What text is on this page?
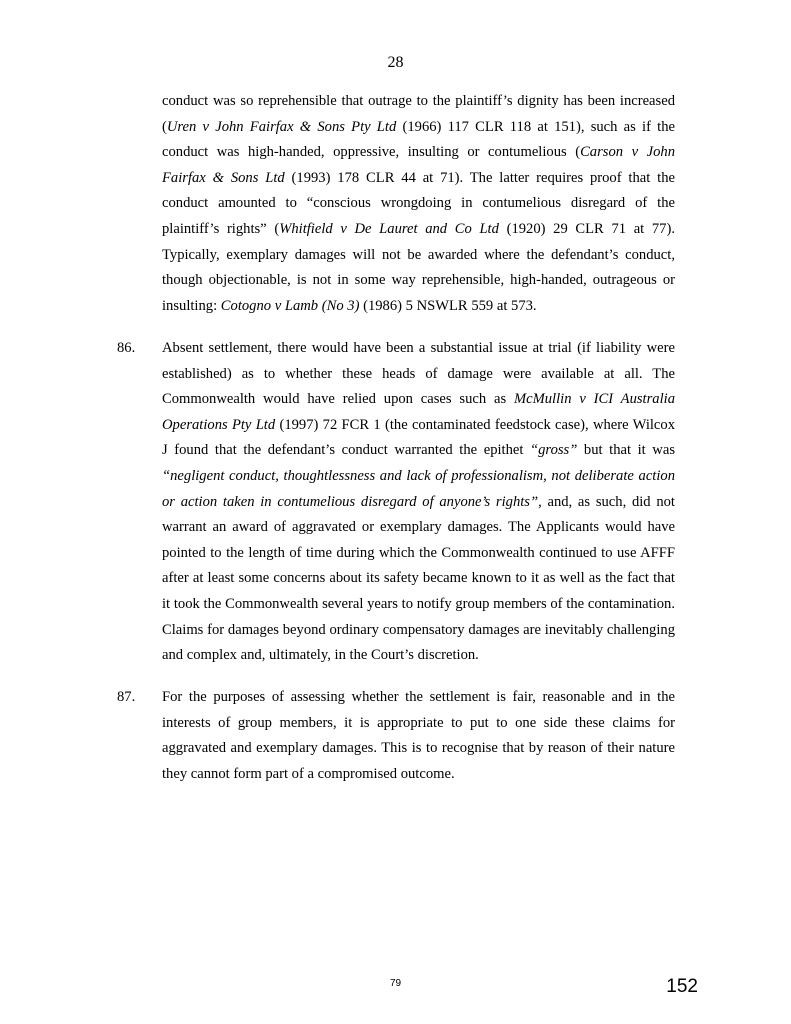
28

conduct was so reprehensible that outrage to the plaintiff’s dignity has been increased (Uren v John Fairfax & Sons Pty Ltd (1966) 117 CLR 118 at 151), such as if the conduct was high-handed, oppressive, insulting or contumelious (Carson v John Fairfax & Sons Ltd (1993) 178 CLR 44 at 71). The latter requires proof that the conduct amounted to “conscious wrongdoing in contumelious disregard of the plaintiff’s rights” (Whitfield v De Lauret and Co Ltd (1920) 29 CLR 71 at 77). Typically, exemplary damages will not be awarded where the defendant’s conduct, though objectionable, is not in some way reprehensible, high-handed, outrageous or insulting: Cotogno v Lamb (No 3) (1986) 5 NSWLR 559 at 573.

86. Absent settlement, there would have been a substantial issue at trial (if liability were established) as to whether these heads of damage were available at all. The Commonwealth would have relied upon cases such as McMullin v ICI Australia Operations Pty Ltd (1997) 72 FCR 1 (the contaminated feedstock case), where Wilcox J found that the defendant’s conduct warranted the epithet “gross” but that it was “negligent conduct, thoughtlessness and lack of professionalism, not deliberate action or action taken in contumelious disregard of anyone’s rights”, and, as such, did not warrant an award of aggravated or exemplary damages. The Applicants would have pointed to the length of time during which the Commonwealth continued to use AFFF after at least some concerns about its safety became known to it as well as the fact that it took the Commonwealth several years to notify group members of the contamination. Claims for damages beyond ordinary compensatory damages are inevitably challenging and complex and, ultimately, in the Court’s discretion.

87. For the purposes of assessing whether the settlement is fair, reasonable and in the interests of group members, it is appropriate to put to one side these claims for aggravated and exemplary damages. This is to recognise that by reason of their nature they cannot form part of a compromised outcome.

79	152
